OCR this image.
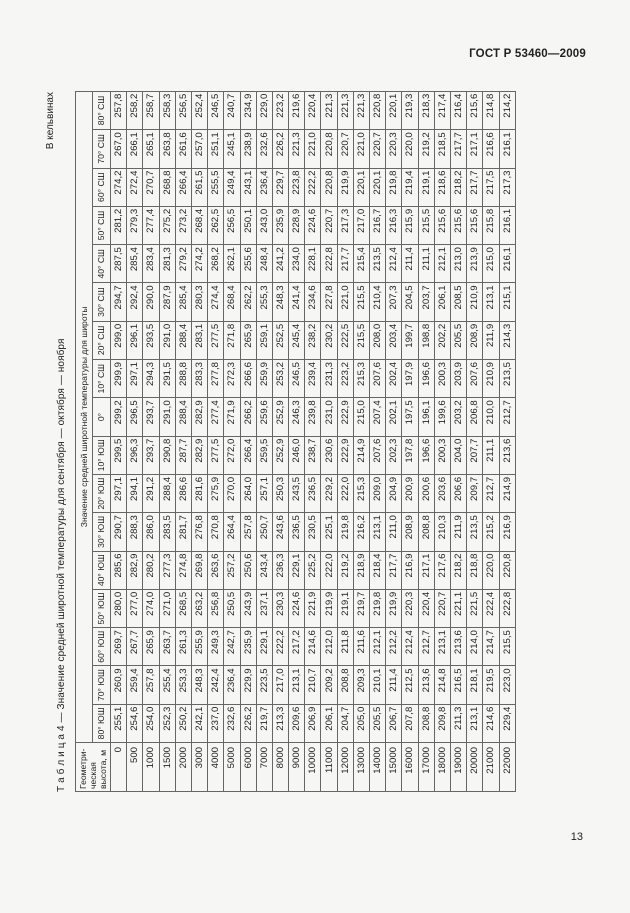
ГОСТ Р 53460—2009
В кельвинах
Т а б л и ц а 4 — Значение средней широтной температуры для сентября — октября — ноября Геометри- ческая высота, м	Значение средней широтной температуры для широты																
	80° ЮШ	70° ЮШ	60° ЮШ	50° ЮШ	40° ЮШ	30° ЮШ	20° ЮШ	10° ЮШ	0°	10° СШ	20° СШ	30° СШ	40° СШ	50° СШ	60° СШ	70° СШ	80° СШ
0	255,1	260,9	269,7	280,0	285,6	290,7	297,1	299,5	299,2	299,9	299,0	294,7	287,5	281,2	274,2	267,0	257,8
500	254,6	259,4	267,7	277,0	282,9	288,3	294,1	296,3	296,5	297,1	296,1	292,4	285,4	279,3	272,4	266,1	258,2
1000	254,0	257,8	265,9	274,0	280,2	286,0	291,2	293,7	293,7	294,3	293,5	290,0	283,4	277,4	270,7	265,1	258,7
1500	252,3	255,4	263,7	271,0	277,3	283,5	288,4	290,8	291,0	291,5	291,0	287,9	281,3	275,2	268,8	263,8	258,3
2000	250,2	253,3	261,3	268,5	274,8	281,7	286,6	287,7	288,4	288,8	288,4	285,4	279,2	273,2	266,4	261,6	256,5
3000	242,1	248,3	255,9	263,2	269,8	276,8	281,6	282,9	282,9	283,3	283,1	280,3	274,2	268,4	261,5	257,0	252,4
4000	237,0	242,4	249,3	256,8	263,6	270,8	275,9	277,5	277,4	277,8	277,5	274,4	268,2	262,5	255,5	251,1	246,5
5000	232,6	236,4	242,7	250,5	257,2	264,4	270,0	272,0	271,9	272,3	271,8	268,4	262,1	256,5	249,4	245,1	240,7
6000	226,2	229,9	235,9	243,9	250,6	257,8	264,0	266,4	266,2	266,6	265,9	262,2	255,6	250,1	243,1	238,9	234,9
7000	219,7	223,5	229,1	237,1	243,4	250,7	257,1	259,5	259,6	259,9	259,1	255,3	248,4	243,0	236,4	232,6	229,0
8000	213,3	217,0	222,2	230,3	236,3	243,6	250,3	252,9	252,9	253,2	252,5	248,3	241,2	235,9	229,7	226,2	223,2
9000	209,6	213,1	217,2	224,6	229,1	236,5	243,5	246,0	246,3	246,5	245,4	241,4	234,0	228,9	223,8	221,3	219,6
10000	206,9	210,7	214,6	221,9	225,2	230,5	236,5	238,7	239,8	239,4	238,2	234,6	228,1	224,6	222,2	221,0	220,4
11000	206,1	209,2	212,0	219,9	222,0	225,1	229,2	230,6	231,0	231,3	230,2	227,8	222,8	220,7	220,8	220,8	221,3
12000	204,7	208,8	211,8	219,1	219,2	219,8	222,0	222,9	222,9	223,2	222,5	221,0	217,7	217,3	219,9	220,7	221,3
13000	205,0	209,3	211,6	219,7	218,9	216,2	215,3	214,9	215,0	215,3	215,5	215,5	215,4	217,0	220,1	221,0	221,3
14000	205,5	210,1	212,1	219,8	218,4	213,1	209,0	207,6	207,4	207,6	208,0	210,4	213,5	216,7	220,1	220,7	220,8
15000	206,7	211,4	212,2	219,9	217,7	211,0	204,9	202,3	202,1	202,4	203,4	207,3	212,4	216,3	219,8	220,3	220,1
16000	207,8	212,5	212,4	220,3	216,9	208,9	200,9	197,8	197,5	197,9	199,7	204,5	211,4	215,9	219,4	220,0	219,3
17000	208,8	213,6	212,7	220,4	217,1	208,8	200,6	196,6	196,1	196,6	198,8	203,7	211,1	215,5	219,1	219,2	218,3
18000	209,8	214,8	213,1	220,7	217,6	210,3	203,6	200,3	199,6	200,3	202,2	206,1	212,1	215,6	218,6	218,5	217,4
19000	211,3	216,5	213,6	221,1	218,2	211,9	206,6	204,0	203,2	203,9	205,5	208,5	213,0	215,6	218,2	217,7	216,4
20000	213,1	218,1	214,0	221,5	218,8	213,5	209,7	207,7	206,8	207,6	208,9	210,9	213,9	215,6	217,7	217,1	215,6
21000	214,6	219,5	214,7	222,4	220,0	215,2	212,7	211,1	210,0	210,9	211,9	213,1	215,0	215,8	217,5	216,6	214,8
22000	229,4	223,0	215,5	222,8	220,8	216,9	214,9	213,6	212,7	213,5	214,3	215,1	216,1	216,1	217,3	216,1	214,2
13
